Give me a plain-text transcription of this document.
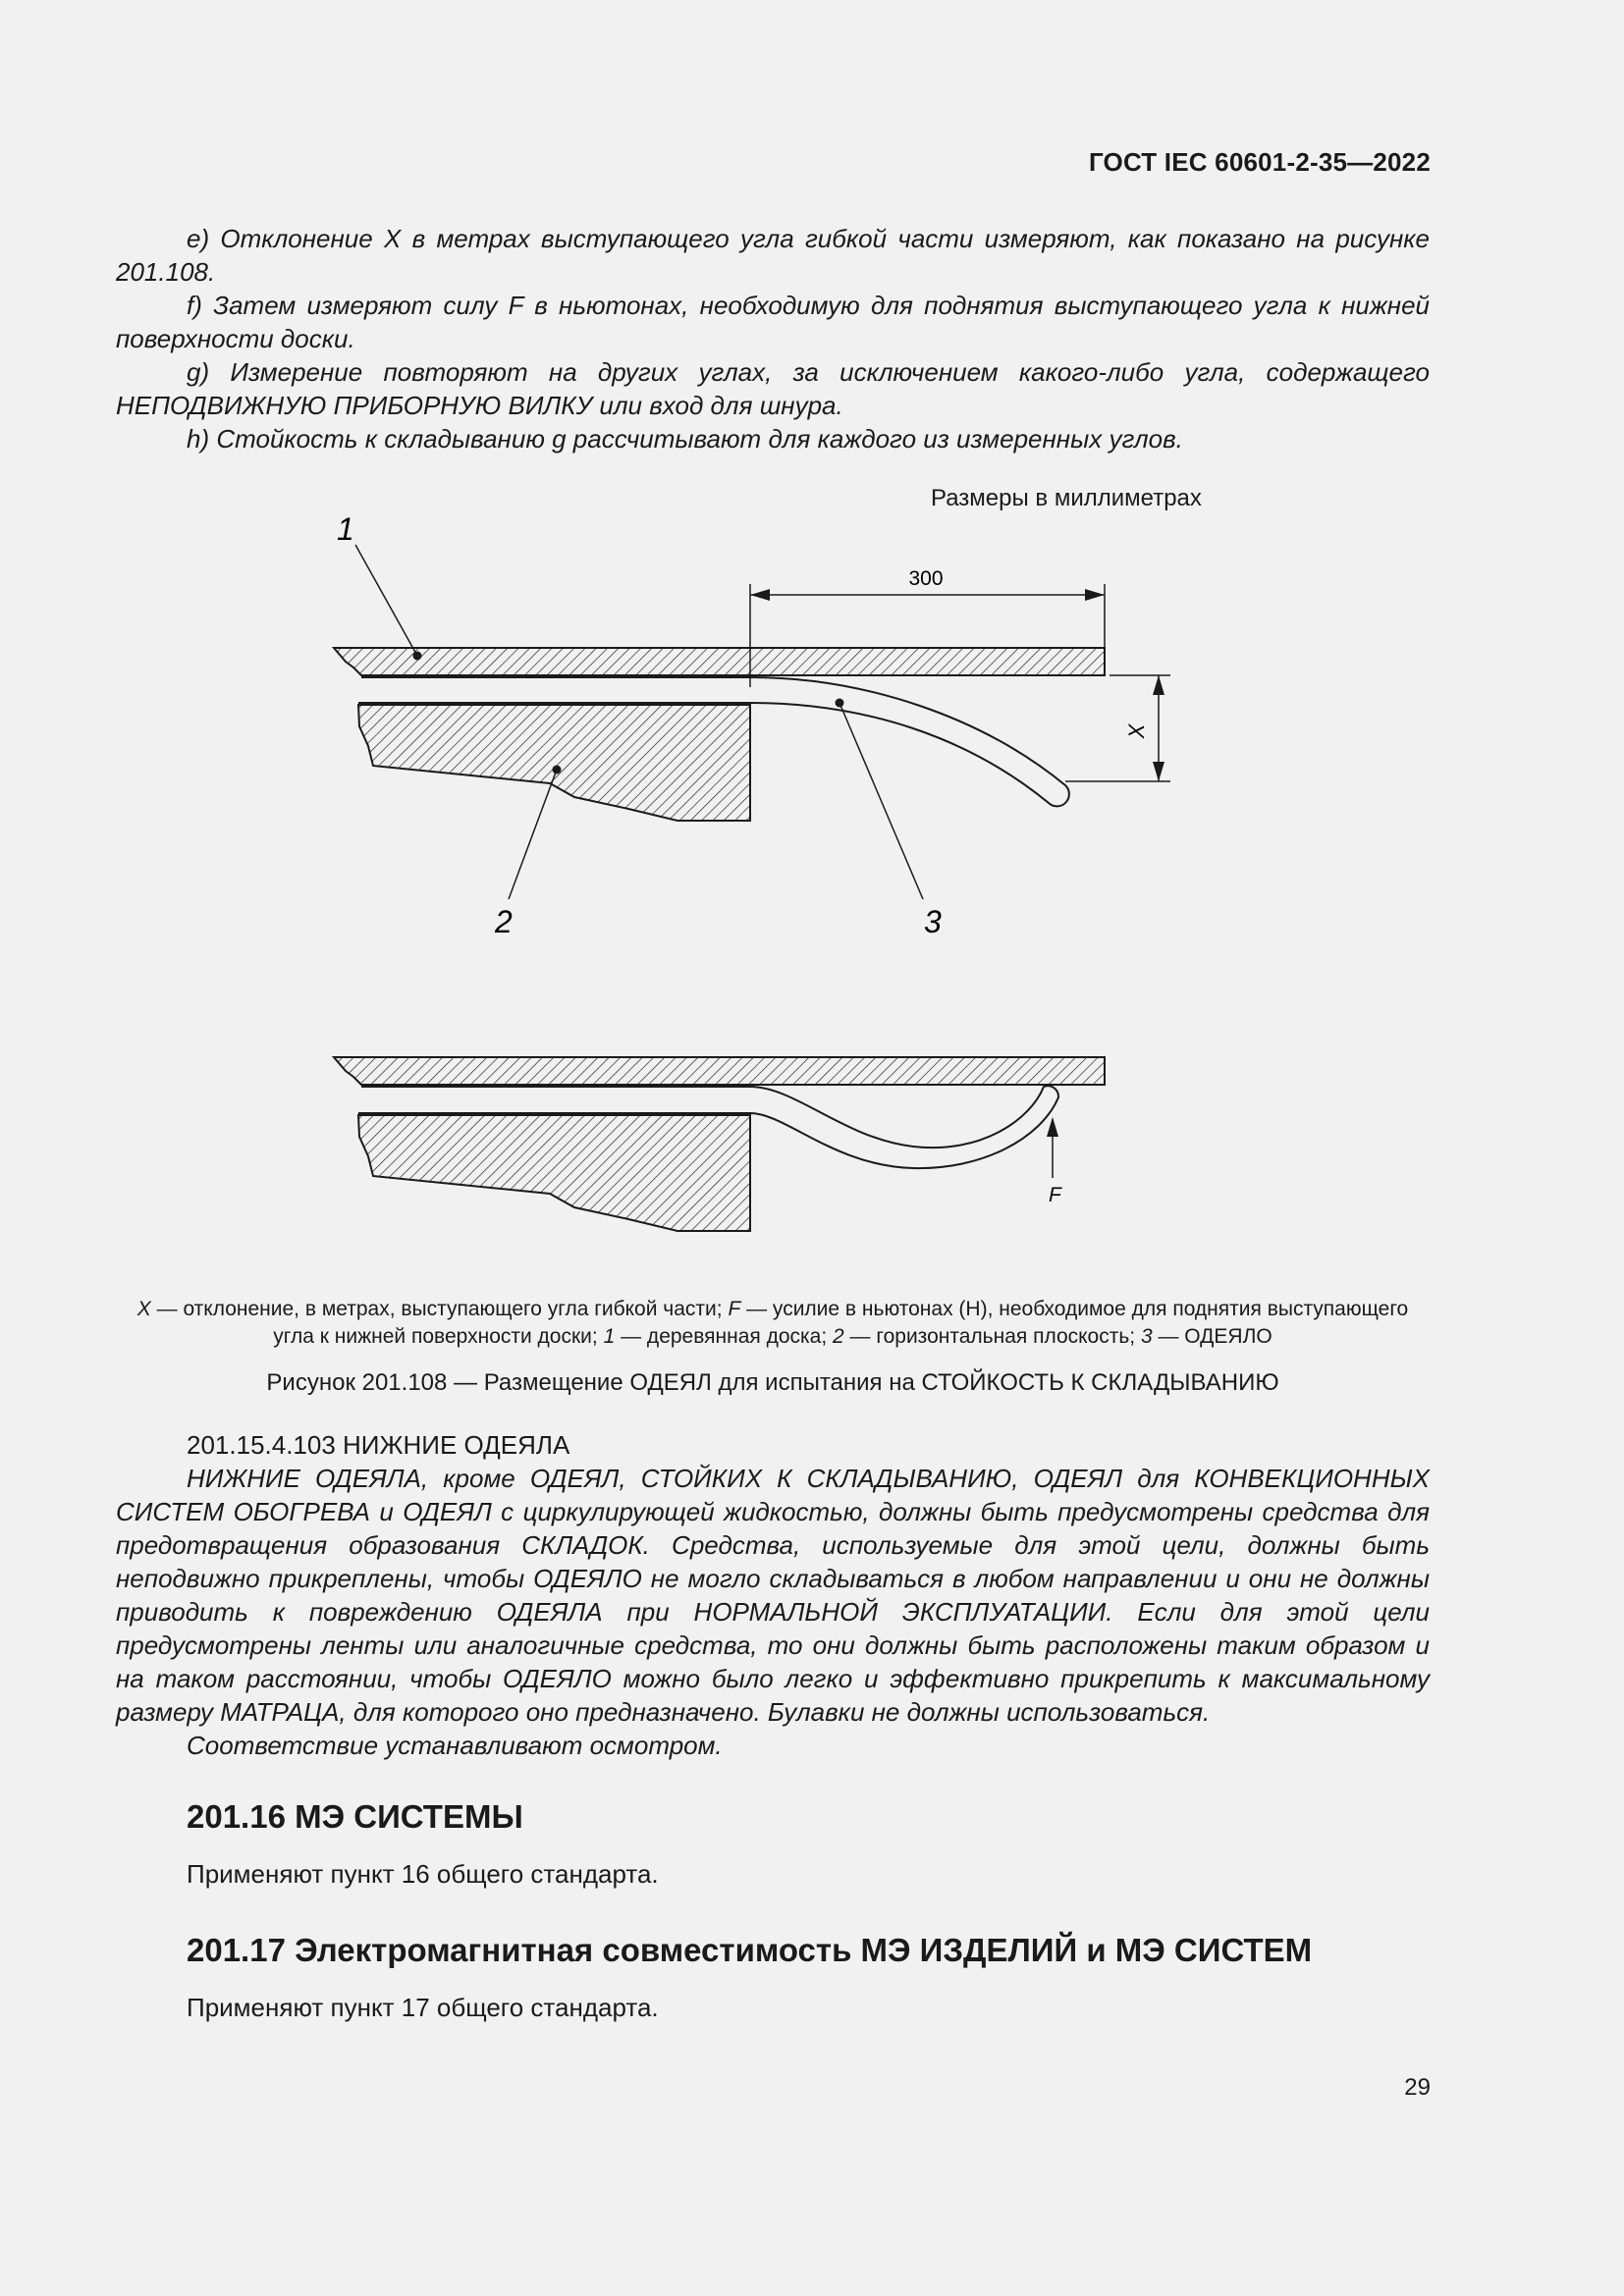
ГОСТ IEC 60601-2-35—2022

e) Отклонение X в метрах выступающего угла гибкой части измеряют, как показано на рисунке 201.108.

f) Затем измеряют силу F в ньютонах, необходимую для поднятия выступающего угла к нижней поверхности доски.

g) Измерение повторяют на других углах, за исключением какого-либо угла, содержащего НЕПОДВИЖНУЮ ПРИБОРНУЮ ВИЛКУ или вход для шнура.

h) Стойкость к складыванию g рассчитывают для каждого из измеренных углов.

Размеры в миллиметрах
300
X
1
2	3
F
X — отклонение, в метрах, выступающего угла гибкой части; F — усилие в ньютонах (Н), необходимое для поднятия выступающего
угла к нижней поверхности доски; 1 — деревянная доска; 2 — горизонтальная плоскость; 3 — ОДЕЯЛО
Рисунок 201.108 — Размещение ОДЕЯЛ для испытания на СТОЙКОСТЬ К СКЛАДЫВАНИЮ
201.15.4.103 НИЖНИЕ ОДЕЯЛА

НИЖНИЕ ОДЕЯЛА, кроме ОДЕЯЛ, СТОЙКИХ К СКЛАДЫВАНИЮ, ОДЕЯЛ для КОНВЕКЦИОННЫХ СИСТЕМ ОБОГРЕВА и ОДЕЯЛ с циркулирующей жидкостью, должны быть предусмотрены средства для предотвращения образования СКЛАДОК. Средства, используемые для этой цели, должны быть неподвижно прикреплены, чтобы ОДЕЯЛО не могло складываться в любом направлении и они не должны приводить к повреждению ОДЕЯЛА при НОРМАЛЬНОЙ ЭКСПЛУАТАЦИИ. Если для этой цели предусмотрены ленты или аналогичные средства, то они должны быть расположены таким образом и на таком расстоянии, чтобы ОДЕЯЛО можно было легко и эффективно прикрепить к максимальному размеру МАТРАЦА, для которого оно предназначено. Булавки не должны использоваться.

Соответствие устанавливают осмотром.

201.16 МЭ СИСТЕМЫ
Применяют пункт 16 общего стандарта.
201.17 Электромагнитная совместимость МЭ ИЗДЕЛИЙ и МЭ СИСТЕМ
Применяют пункт 17 общего стандарта.
29
